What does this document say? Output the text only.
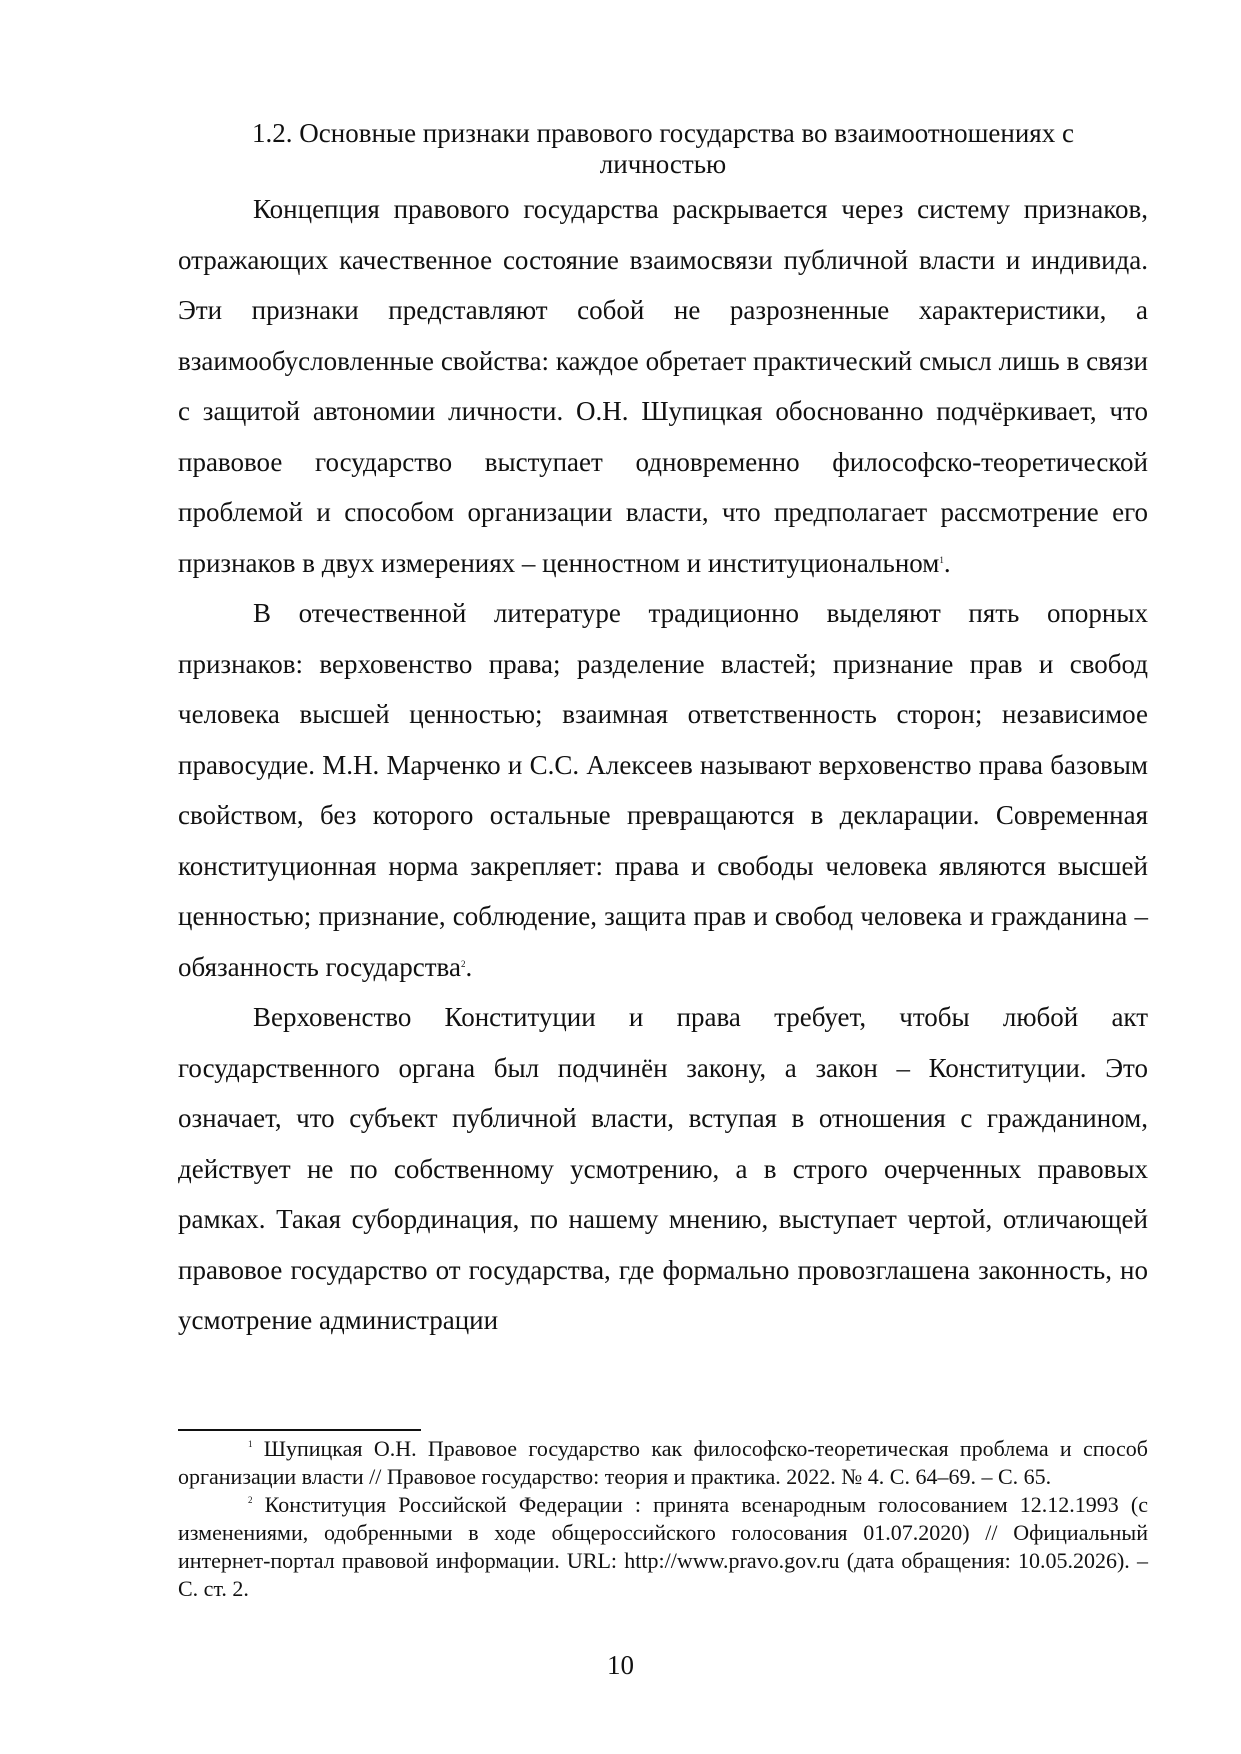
1.2. Основные признаки правового государства во взаимоотношениях с личностью

Концепция правового государства раскрывается через систему признаков, отражающих качественное состояние взаимосвязи публичной власти и индивида. Эти признаки представляют собой не разрозненные характеристики, а взаимообусловленные свойства: каждое обретает практический смысл лишь в связи с защитой автономии личности. О.Н. Шупицкая обоснованно подчёркивает, что правовое государство выступает одновременно философско-теоретической проблемой и способом организации власти, что предполагает рассмотрение его признаков в двух измерениях – ценностном и институциональном$^1$.

В отечественной литературе традиционно выделяют пять опорных признаков: верховенство права; разделение властей; признание прав и свобод человека высшей ценностью; взаимная ответственность сторон; независимое правосудие. М.Н. Марченко и С.С. Алексеев называют верховенство права базовым свойством, без которого остальные превращаются в декларации. Современная конституционная норма закрепляет: права и свободы человека являются высшей ценностью; признание, соблюдение, защита прав и свобод человека и гражданина – обязанность государства$^2$.

Верховенство Конституции и права требует, чтобы любой акт государственного органа был подчинён закону, а закон – Конституции. Это означает, что субъект публичной власти, вступая в отношения с гражданином, действует не по собственному усмотрению, а в строго очерченных правовых рамках. Такая субординация, по нашему мнению, выступает чертой, отличающей правовое государство от государства, где формально провозглашена законность, но усмотрение администрации

$^1$ Шупицкая О.Н. Правовое государство как философско-теоретическая проблема и способ организации власти // Правовое государство: теория и практика. 2022. № 4. С. 64–69. – С. 65.

$^2$ Конституция Российской Федерации : принята всенародным голосованием 12.12.1993 (с изменениями, одобренными в ходе общероссийского голосования 01.07.2020) // Официальный интернет-портал правовой информации. URL: http://www.pravo.gov.ru (дата обращения: 10.05.2026). – С. ст. 2.

10
